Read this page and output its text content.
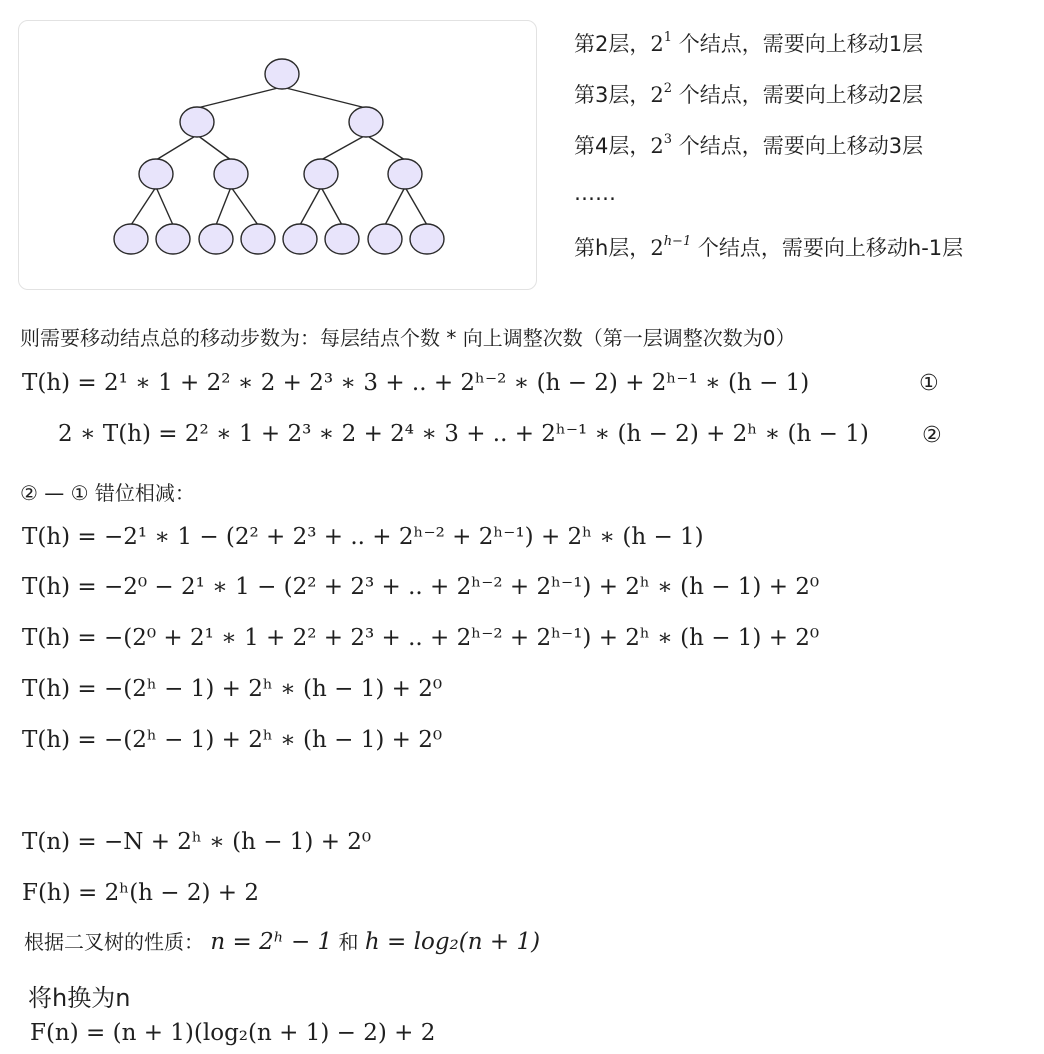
第2层，$2^1$ 个结点，需要向上移动1层
第3层，$2^2$ 个结点，需要向上移动2层
第4层，$2^3$ 个结点，需要向上移动3层
……
第h层，$2^{h-1}$ 个结点，需要向上移动h-1层
则需要移动结点总的移动步数为：每层结点个数 * 向上调整次数（第一层调整次数为0）
T(h) = 2¹ ∗ 1 + 2² ∗ 2 + 2³ ∗ 3 + .. + 2ʰ⁻² ∗ (h − 2) + 2ʰ⁻¹ ∗ (h − 1)	①
2 ∗ T(h) = 2² ∗ 1 + 2³ ∗ 2 + 2⁴ ∗ 3 + .. + 2ʰ⁻¹ ∗ (h − 2) + 2ʰ ∗ (h − 1) ②
② — ① 错位相减：
T(h) = −2¹ ∗ 1 − (2² + 2³ + .. + 2ʰ⁻² + 2ʰ⁻¹) + 2ʰ ∗ (h − 1)
T(h) = −2⁰ − 2¹ ∗ 1 − (2² + 2³ + .. + 2ʰ⁻² + 2ʰ⁻¹) + 2ʰ ∗ (h − 1) + 2⁰
T(h) = −(2⁰ + 2¹ ∗ 1 + 2² + 2³ + .. + 2ʰ⁻² + 2ʰ⁻¹) + 2ʰ ∗ (h − 1) + 2⁰
T(h) = −(2ʰ − 1) + 2ʰ ∗ (h − 1) + 2⁰
T(h) = −(2ʰ − 1) + 2ʰ ∗ (h − 1) + 2⁰
T(n) = −N + 2ʰ ∗ (h − 1) + 2⁰
F(h) = 2ʰ(h − 2) + 2
根据二叉树的性质： n = 2ʰ − 1 和 h = log₂(n + 1)
将h换为n
F(n) = (n + 1)(log₂(n + 1) − 2) + 2
